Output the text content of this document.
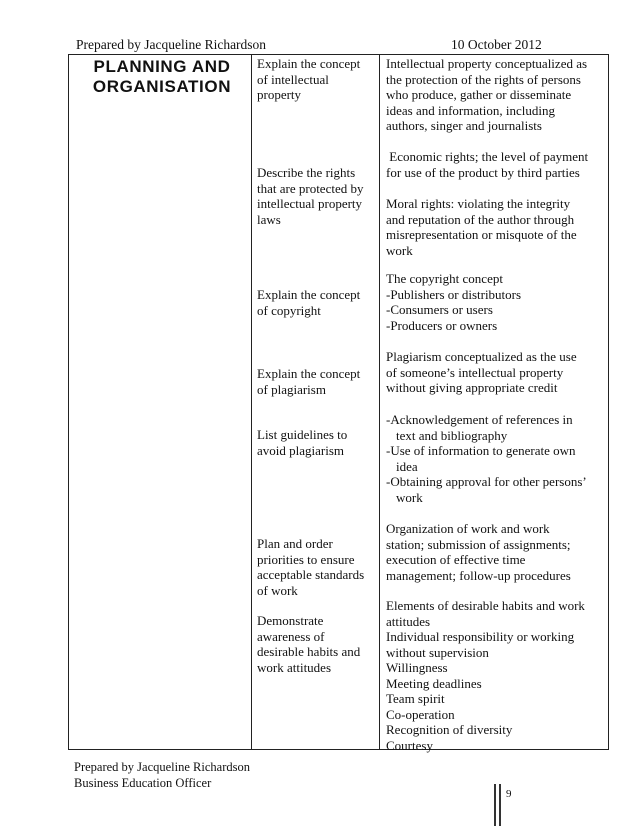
Prepared by Jacqueline Richardson	10 October 2012
PLANNING AND
ORGANISATION
Explain the concept
of intellectual
property
Describe the rights
that are protected by
intellectual property
laws
Explain the concept
of copyright
Explain the concept
of plagiarism
List guidelines to
avoid plagiarism
Plan and order
priorities to ensure
acceptable standards
of work
Demonstrate
awareness of
desirable habits and
work attitudes
Intellectual property conceptualized as
the protection of the rights of persons
who produce, gather or disseminate
ideas and information, including
authors, singer and journalists
Economic rights; the level of payment
for use of the product by third parties
Moral rights: violating the integrity
and reputation of the author through
misrepresentation or misquote of the
work
The copyright concept
-Publishers or distributors
-Consumers or users
-Producers or owners
Plagiarism conceptualized as the use
of someone’s intellectual property
without giving appropriate credit
-Acknowledgement of references in
text and bibliography
-Use of information to generate own
idea
-Obtaining approval for other persons’
work
Organization of work and work
station; submission of assignments;
execution of effective time
management; follow-up procedures
Elements of desirable habits and work
attitudes
Individual responsibility or working
without supervision
Willingness
Meeting deadlines
Team spirit
Co-operation
Recognition of diversity
Courtesy
Prepared by Jacqueline Richardson
Business Education Officer
9
